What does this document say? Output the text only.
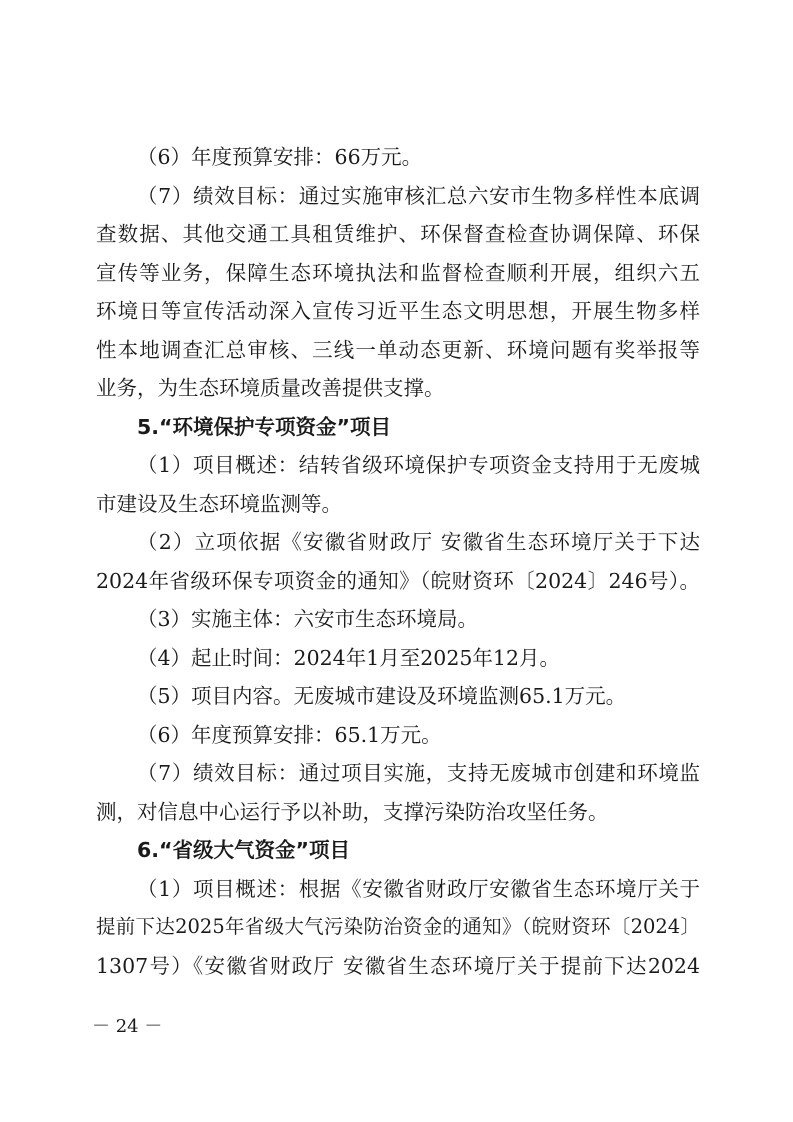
（6）年度预算安排：66万元。

（7）绩效目标：通过实施审核汇总六安市生物多样性本底调

查数据、其他交通工具租赁维护、环保督查检查协调保障、环保

宣传等业务，保障生态环境执法和监督检查顺利开展，组织六五

环境日等宣传活动深入宣传习近平生态文明思想，开展生物多样

性本地调查汇总审核、三线一单动态更新、环境问题有奖举报等

业务，为生态环境质量改善提供支撑。

5.“环境保护专项资金”项目

（1）项目概述：结转省级环境保护专项资金支持用于无废城

市建设及生态环境监测等。

（2）立项依据《安徽省财政厅 安徽省生态环境厅关于下达

2024年省级环保专项资金的通知》（皖财资环〔2024〕246号）。

（3）实施主体：六安市生态环境局。

（4）起止时间：2024年1月至2025年12月。

（5）项目内容。无废城市建设及环境监测65.1万元。

（6）年度预算安排：65.1万元。

（7）绩效目标：通过项目实施，支持无废城市创建和环境监

测，对信息中心运行予以补助，支撑污染防治攻坚任务。

6.“省级大气资金”项目

（1）项目概述：根据《安徽省财政厅安徽省生态环境厅关于

提前下达2025年省级大气污染防治资金的通知》（皖财资环〔2024〕

1307号）《安徽省财政厅 安徽省生态环境厅关于提前下达2024

－ 24 －
